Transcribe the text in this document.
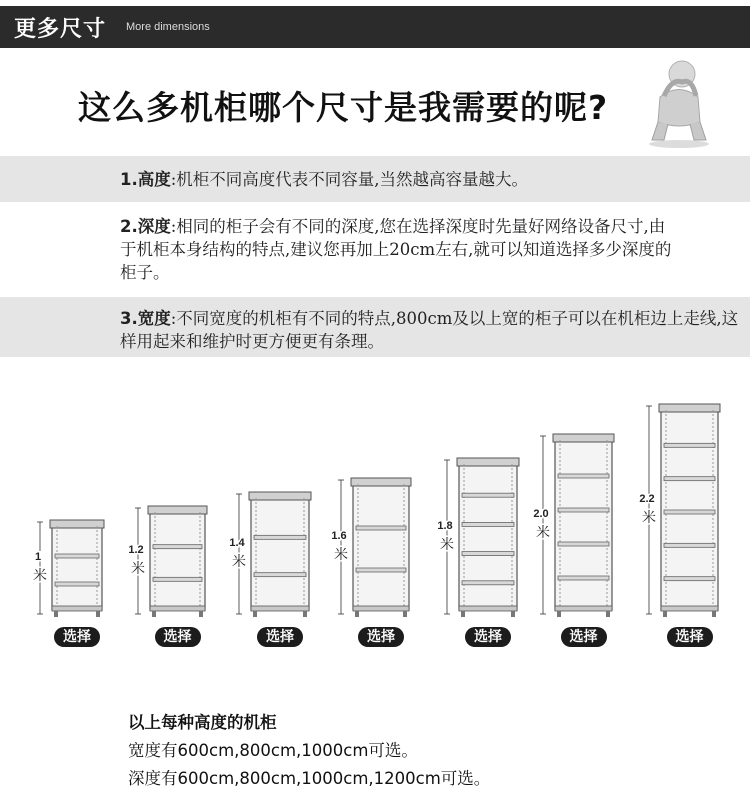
更多尺寸 More dimensions
这么多机柜哪个尺寸是我需要的呢?
1.高度:机柜不同高度代表不同容量,当然越高容量越大。
2.深度:相同的柜子会有不同的深度,您在选择深度时先量好网络设备尺寸,由于机柜本身结构的特点,建议您再加上20cm左右,就可以知道选择多少深度的柜子。
3.宽度:不同宽度的机柜有不同的特点,800cm及以上宽的柜子可以在机柜边上走线,这样用起来和维护时更方便更有条理。
1
米
1.2
米
1.4
米
1.6
米
1.8
米
2.0
米
2.2
米
选择	选择	选择	选择	选择	选择	选择
以上每种高度的机柜
宽度有600cm,800cm,1000cm可选。
深度有600cm,800cm,1000cm,1200cm可选。
